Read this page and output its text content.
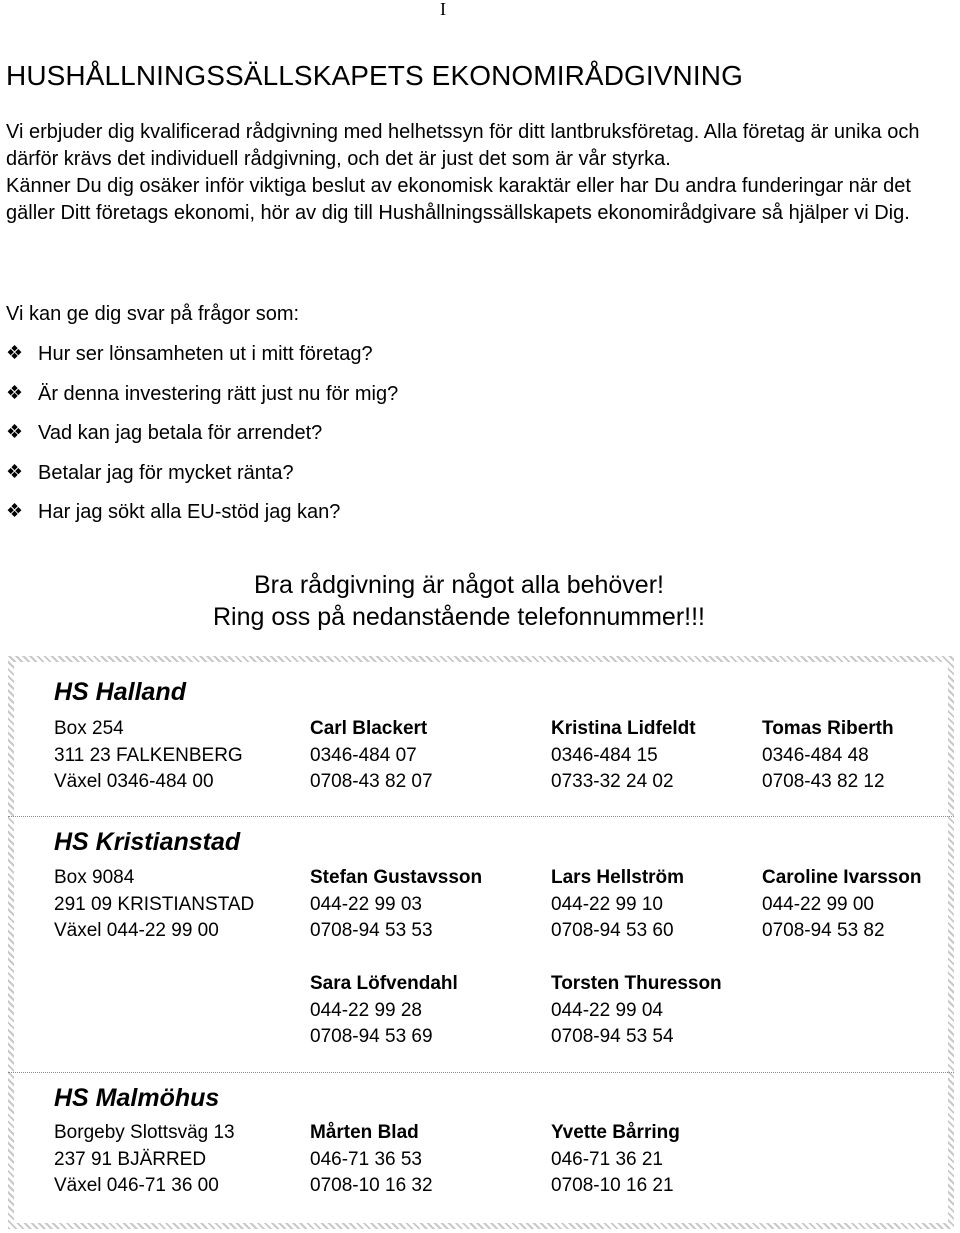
I
HUSHÅLLNINGSSÄLLSKAPETS EKONOMIRÅDGIVNING

Vi erbjuder dig kvalificerad rådgivning med helhetssyn för ditt lantbruksföretag. Alla företag är unika och därför krävs det individuell rådgivning, och det är just det som är vår styrka.

Känner Du dig osäker inför viktiga beslut av ekonomisk karaktär eller har Du andra funderingar när det gäller Ditt företags ekonomi, hör av dig till Hushållningssällskapets ekonomirådgivare så hjälper vi Dig.

Vi kan ge dig svar på frågor som:
❖ Hur ser lönsamheten ut i mitt företag?
❖ Är denna investering rätt just nu för mig?
❖ Vad kan jag betala för arrendet?
❖ Betalar jag för mycket ränta?
❖ Har jag sökt alla EU-stöd jag kan?
Bra rådgivning är något alla behöver!
Ring oss på nedanstående telefonnummer!!!
HS Halland
Box 254
311 23 FALKENBERG
Växel 0346-484 00
Carl Blackert
0346-484 07
0708-43 82 07
Kristina Lidfeldt
0346-484 15
0733-32 24 02
Tomas Riberth
0346-484 48
0708-43 82 12
HS Kristianstad
Box 9084
291 09 KRISTIANSTAD
Växel 044-22 99 00
Stefan Gustavsson
044-22 99 03
0708-94 53 53
Lars Hellström
044-22 99 10
0708-94 53 60
Caroline Ivarsson
044-22 99 00
0708-94 53 82
Sara Löfvendahl
044-22 99 28
0708-94 53 69
Torsten Thuresson
044-22 99 04
0708-94 53 54
HS Malmöhus
Borgeby Slottsväg 13
237 91 BJÄRRED
Växel 046-71 36 00
Mårten Blad
046-71 36 53
0708-10 16 32
Yvette Bårring
046-71 36 21
0708-10 16 21
